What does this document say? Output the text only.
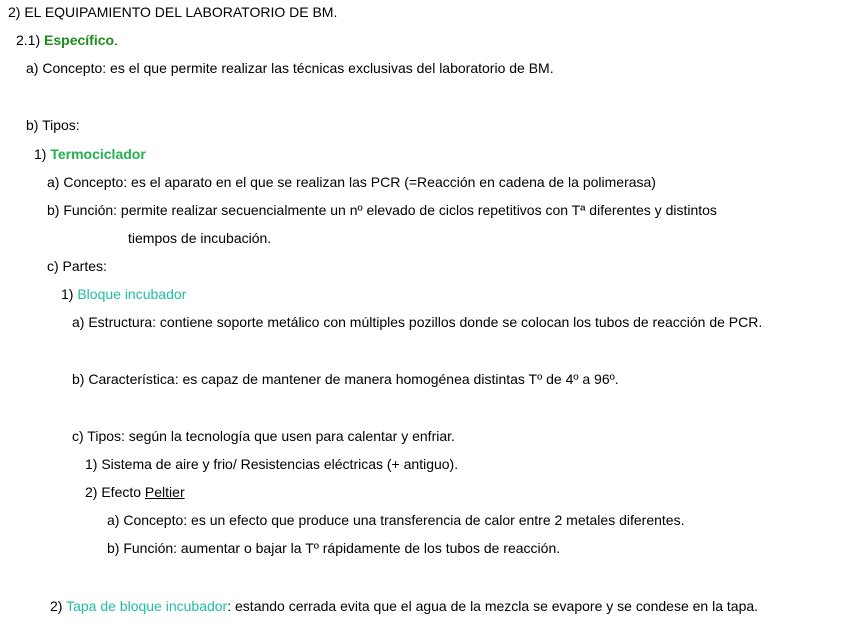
2) EL EQUIPAMIENTO DEL LABORATORIO DE BM.
2.1) Específico.
a) Concepto: es el que permite realizar las técnicas exclusivas del laboratorio de BM.
b) Tipos:
1) Termociclador
a) Concepto: es el aparato en el que se realizan las PCR (=Reacción en cadena de la polimerasa)
b) Función: permite realizar secuencialmente un nº elevado de ciclos repetitivos con Tª diferentes y distintos
tiempos de incubación.
c) Partes:
1) Bloque incubador
a) Estructura: contiene soporte metálico con múltiples pozillos donde se colocan los tubos de reacción de PCR.
b) Característica: es capaz de mantener de manera homogénea distintas Tº de 4º a 96º.
c) Tipos: según la tecnología que usen para calentar y enfriar.
1) Sistema de aire y frio/ Resistencias eléctricas (+ antiguo).
2) Efecto Peltier
a) Concepto: es un efecto que produce una transferencia de calor entre 2 metales diferentes.
b) Función: aumentar o bajar la Tº rápidamente de los tubos de reacción.
2) Tapa de bloque incubador: estando cerrada evita que el agua de la mezcla se evapore y se condese en la tapa.
